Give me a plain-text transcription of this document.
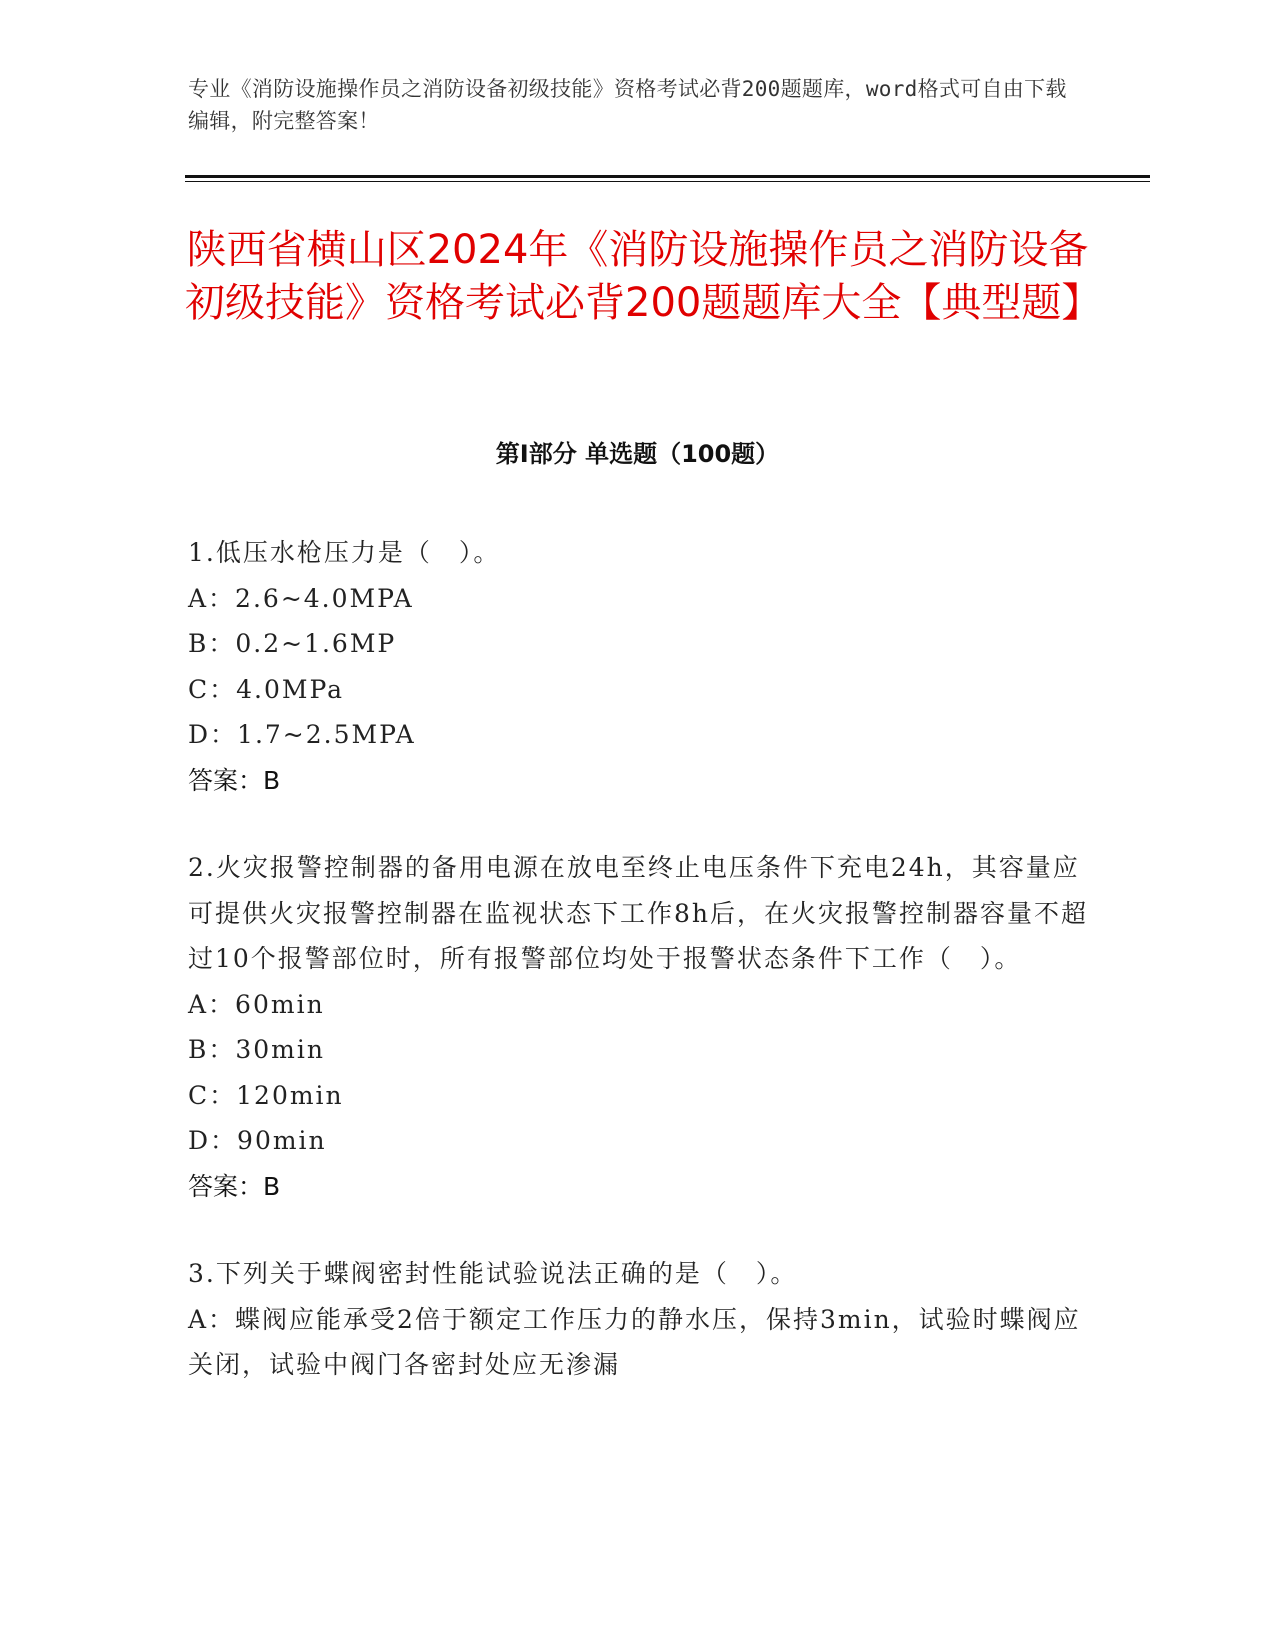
专业《消防设施操作员之消防设备初级技能》资格考试必背200题题库，word格式可自由下载编辑，附完整答案！
陕西省横山区2024年《消防设施操作员之消防设备初级技能》资格考试必背200题题库大全【典型题】
第I部分 单选题（100题）
1.低压水枪压力是（　）。
A：2.6~4.0MPA
B：0.2~1.6MP
C：4.0MPa
D：1.7~2.5MPA
答案：B
2.火灾报警控制器的备用电源在放电至终止电压条件下充电24h，其容量应可提供火灾报警控制器在监视状态下工作8h后，在火灾报警控制器容量不超过10个报警部位时，所有报警部位均处于报警状态条件下工作（　）。
A：60min
B：30min
C：120min
D：90min
答案：B
3.下列关于蝶阀密封性能试验说法正确的是（　）。
A：蝶阀应能承受2倍于额定工作压力的静水压，保持3min，试验时蝶阀应关闭，试验中阀门各密封处应无渗漏
